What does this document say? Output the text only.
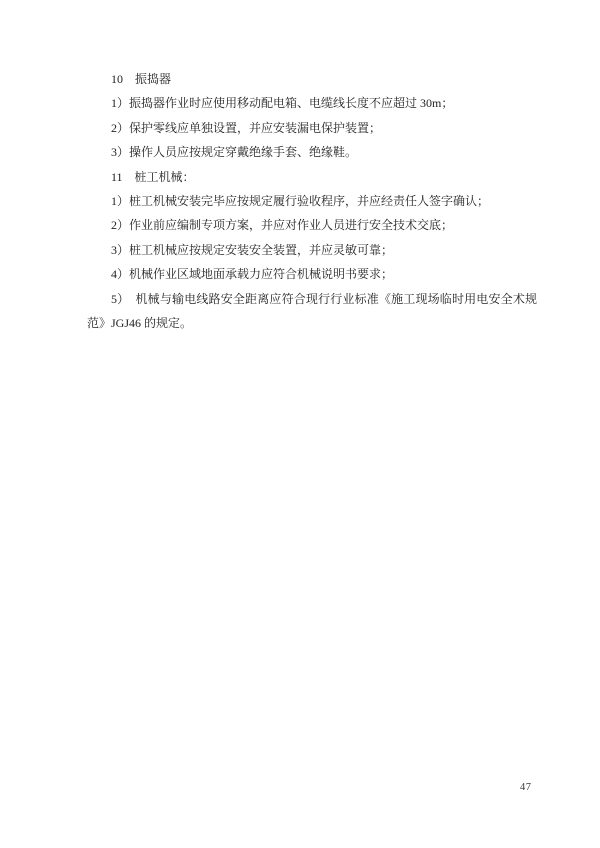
10　振捣器

1）振捣器作业时应使用移动配电箱、电缆线长度不应超过 30m；

2）保护零线应单独设置，并应安装漏电保护装置；

3）操作人员应按规定穿戴绝缘手套、绝缘鞋。

11　桩工机械：

1）桩工机械安装完毕应按规定履行验收程序，并应经责任人签字确认；

2）作业前应编制专项方案，并应对作业人员进行安全技术交底；

3）桩工机械应按规定安装安全装置，并应灵敏可靠；

4）机械作业区域地面承载力应符合机械说明书要求；

5）　机械与输电线路安全距离应符合现行行业标准《施工现场临时用电安全术规范》JGJ46 的规定。

47
